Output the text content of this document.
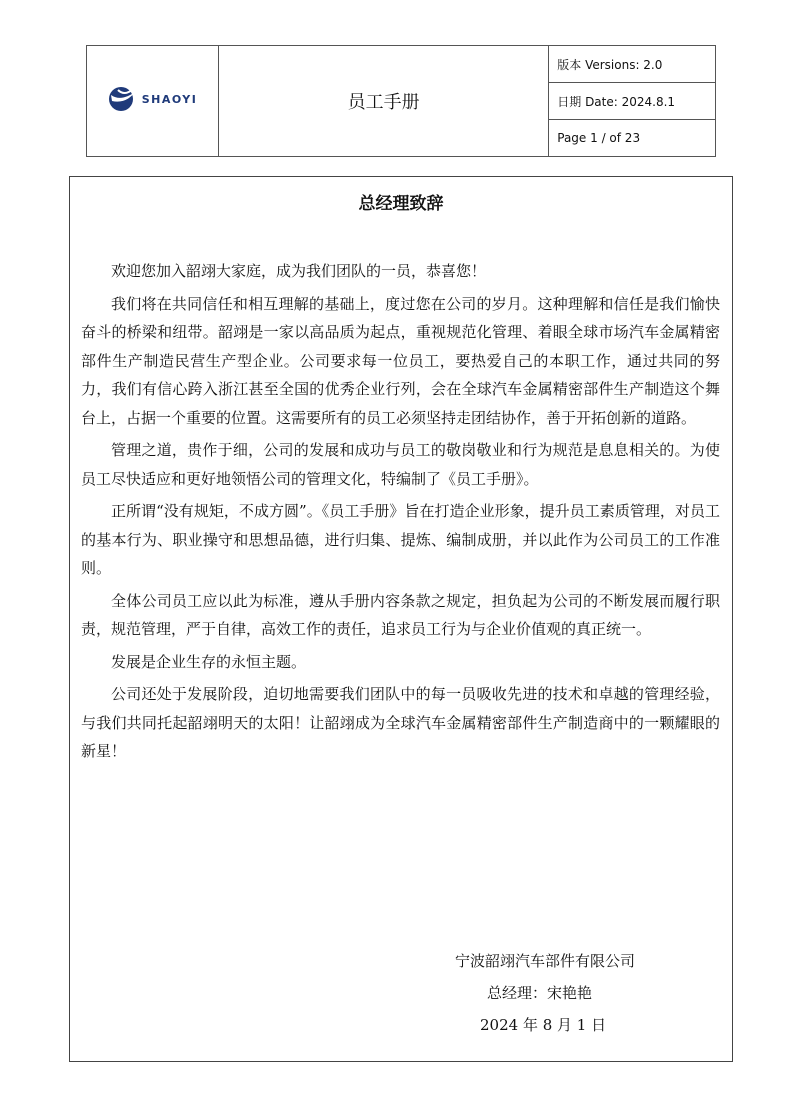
SHAOYI	员工手册	版本 Versions: 2.0
日期 Date: 2024.8.1
Page 1 / of 23
总经理致辞

欢迎您加入韶翊大家庭，成为我们团队的一员，恭喜您！

我们将在共同信任和相互理解的基础上，度过您在公司的岁月。这种理解和信任是我们愉快奋斗的桥梁和纽带。韶翊是一家以高品质为起点，重视规范化管理、着眼全球市场汽车金属精密部件生产制造民营生产型企业。公司要求每一位员工，要热爱自己的本职工作，通过共同的努力，我们有信心跨入浙江甚至全国的优秀企业行列，会在全球汽车金属精密部件生产制造这个舞台上，占据一个重要的位置。这需要所有的员工必须坚持走团结协作，善于开拓创新的道路。

管理之道，贵作于细，公司的发展和成功与员工的敬岗敬业和行为规范是息息相关的。为使员工尽快适应和更好地领悟公司的管理文化，特编制了《员工手册》。

正所谓“没有规矩，不成方圆”。《员工手册》旨在打造企业形象，提升员工素质管理，对员工的基本行为、职业操守和思想品德，进行归集、提炼、编制成册，并以此作为公司员工的工作准则。

全体公司员工应以此为标准，遵从手册内容条款之规定，担负起为公司的不断发展而履行职责，规范管理，严于自律，高效工作的责任，追求员工行为与企业价值观的真正统一。

发展是企业生存的永恒主题。

公司还处于发展阶段，迫切地需要我们团队中的每一员吸收先进的技术和卓越的管理经验，与我们共同托起韶翊明天的太阳！让韶翊成为全球汽车金属精密部件生产制造商中的一颗耀眼的新星！

宁波韶翊汽车部件有限公司
总经理：宋艳艳
2024 年 8 月 1 日
